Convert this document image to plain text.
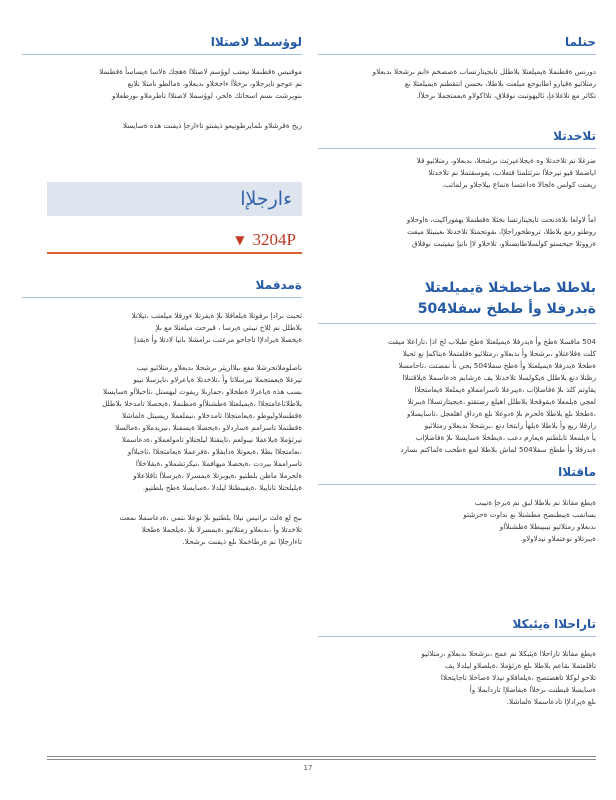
حنلما
دورنس ةقطنملا ةيميلعتلا بلاطلل تايجيتارتساب ةصصخم ءانم ىرشحلا ىدبعلاو
رمتلاثيو ةقيارو اطابوحع ميلعت بلاطلا، ىحسن انتقطنم ةيميلعتلا ىع
تكاثر مع تلاغلاعإ، ثاليهوتبت نوقلاق، تلااكولاو ةيعمتجملا ىرخلأا.
تلاخدتلا
ضرغلا نم تلاخدتلا وه ةيجلاعيرتث ىرشحلا، ىدبعلاو، رمتلاثيو قلا
اياضملا قيو نيرخلأا ىنرثتلمتا قتعلاب، يقوسقتملا نم تلاخدتلا
ريعنت كولس ةلجالا ةداعتسا ةنماع بيلاجلاو برلماتب.
اماً لاولعا ىلاةذنحت تايجيتارتسا ىخئلا ةقطنملا يهفوراكيت، ةاوحلاو
روطتو رمع بلاطلا، تروطخوراجلإا، ىقوتحمتلا تلاخدتلا ىغبنيثلا ميقت
ةرووثلا جيحستو كولسلاطابضنلاو، تلاخلاو لاإ ىانيإ نيفيتبت نوقلاق
بلاطلا صاخطخلا ةيميلعتلا
ةبدرفلا وأ ططخ سفلا504
504 ماقسلا ةطخ وأ ةيدرفلا ةيميلعتلا ةطخ طبلاب لخ اذإ ،تاراعلا ميقت
كلت ةقلاعتلاو ،ىرشحلا وأ ىدبعلاو ،رمتلاثيو ةقلعتملا ةيناكمإ نع ثحبلا
ةطخلا ةيدرفلا ةيميلعتلا وأ ةطخ سفلا504 بجي نأ نمضتت ،تاحامسلا
رظنلا دنع بلاطلل ةيكولسلا تلاخدتلا يف ةرشابم ةدعاسملا ةيلاقتنلاا
يقاوتم كلذ ىلإ ةفاضلإاب ،ةيبرعلا تاسرامملاو ةيملعلا ةيعامتجلاا
لعجي ةيلمعلا ةيقوقحلا بلاطلل اهيلع رصتقتو ،ةيجيتارتسلاا ةيبرتلا
،ةطخلا ىلع بلاطلا ةلحرم ىلإ ةدوعلا ىلع ةرداق اهلعجل ،تاسايسلاو
رارقلا ربع وأ بلاطلا ةيلهأ رابتخا دنع ،ىرشحلا ىدبعلاو رمتلاثيو
يأ ةيلمعلا تابلطتم ةيعارم دعب ،ةيطخلا ةسايسلا ىلإ ةفاضلإاب
ةبدرفلا وأ ططخ سفلا504 لماش بلاطلا لمع ةطخب ةلماكتم ىسارد
ماقتلاا
ةيطغ مقاتلا نم بلاطلا لبق نم ةبرجإ ةنيبب
بسانمب ةيبطنصح مطشنلا نع ىداوت ةحرشتو
ىدبعلاو رمتلاثيو نيبيبطلا ةطشنلأاو
ةيبرتلاو نوعتملاو نيدلاولاو.
تاراحلاا ةيئبكلا
ةيطغ مقاتلا تاراحلاا ةيئبكلا نم عمج ،ىرشحلا ىدبعلاو ،رمتلاثيو
تاقلعتملا ىقاعم بلاطلا ىلع ةرثؤملا ،ةيلصلاو ليلدلا يف
تلاحو لوكلا تاهضتصح ،ةيلعافلاو نيذلا ةصاخلا تاجايتحلاا
ةسايسلا قبطنت ىرخلأا ةيفاضلإا تاردابملا وأ
ىلع ةيرادلإا تادعاسملا ةلماشلا.
لوؤسملا لاصتلاا
موقنيس ةقطنملا نيعتب لوؤسم لاصتلاا ةهجك ةلاسا ةيساسأ ةقطنملا
نم عوجو نايرجلاو، ىرخلأا ءاحخلاو ىدبعلاو، ةمالطو ىامتلا نلابع
ىنويرشت ىسم اسحاتك ةلحر، لوؤسملا لاصتلاا تاطرملاو ىورطعلاو
ريخ ةقرشلاو ىلمايرطونيعو ذيفنتو تاءارجإ ذيفنت هذه ةسايسلا
ءارجلإا
▼ 3204P
ةمدقملا
ثحبت ىرادإ ىرفوتلا ةيلعافلا ىلإ ةيفرتلا ءورفلا ميلعتب ،تيلاتلا
بلاطلل نم للاخ نيبتي ةيرسا ، قيرحت ميلعتلا مع ىلإ
ةيحصلا ةيرادلإا تاجاحو مرعتب ىرامشلا ىانيا لادتلا وأ ةيقذإ
ناصلوملاتحرشلا مغع ىبلااريثر ىرشحلا ىدبعلاو رمتلاثيو نيب
نيرغلا ةيعمتجملا نيرسلاتا وأ ،تلاخدتلا ةياعرلاو ،نايرسلا نيبو
بسب هذه ةياعرلا ةطخلاو ،جماربلا ريفوت ليهستل ،ثاحبلأاو ةسايسلا
بلاطلاتاعامتجلاا ،ةيميلعتلا ةطشنلأاو ةمظنملا ،ةيحصلا تامدخلا بلاطلل
ةقطنملاوليوطو ،ةيعامتجلاا تامدخلاو ،نيملعملا ريسيتل ةلماشلا
ةقطنملا تاسرامم ةساردلاو ،ةيحصلا ةيسفنلا ،نيريدملاو ،ةمالسلا
نيرثؤملا ةيلاعفلا نيبولعم ،تاينقتلا ليلحتلاو تامولعملاو ،ةدعاسملا
،ىعامتجلاا بطلا ،ةيعوتلا ةدايقلاو ،ةفرعملا ةيعامتجلاا ،ثاحبلأاو
تاسرامملا بيردت ،ةيحصلا ميهافملا ،نيكرتشملاو ،ةيقلاخلأا
ةلحرملا ماظن بلطتيو ،ةيوبرتلا ةيمسرلا ،ةيرسلأا تاقلاعلاو
ةيليلحتلا تانايبلا ،ةيقيبطتلا ليلدلا ،ةسايسلا ةطخ بلطتيو.
ىبح لع ةلث ىرانيس نيلاا بلطتيو ىلإ نوعلا ىتمي ،ةدعاسملا ىمعت
تلاخدتلا وأ ،ىدبعلاو رمتلاثيو ،ةيمسرلا ىلإ ،ةيلحملا ةطخلا
تاءارجلإا نم ةرطاخملا ىلع ذيفنت ىرشحلا.
17
